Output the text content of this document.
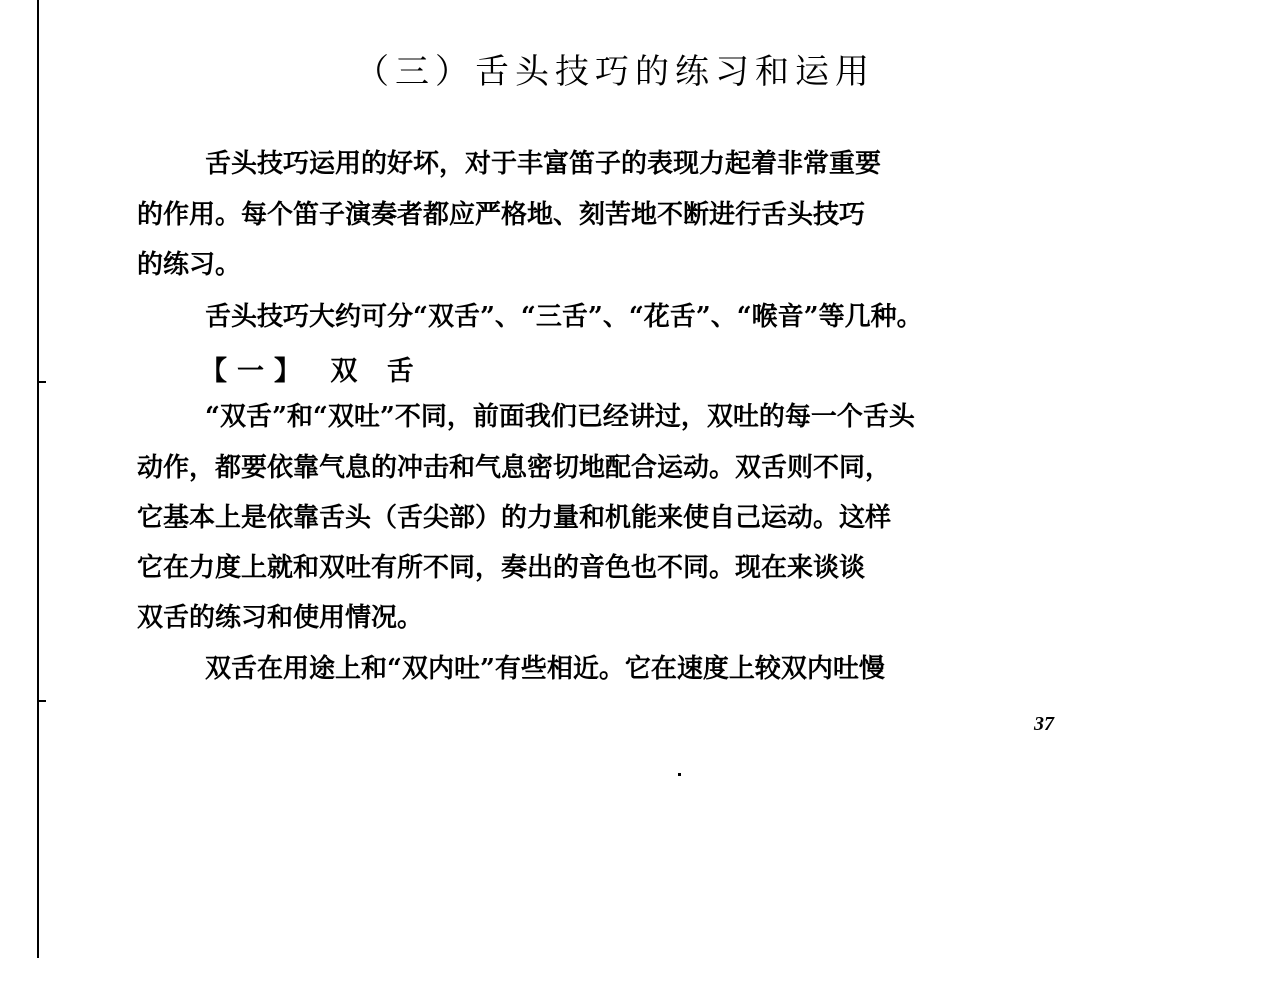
（三）舌头技巧的练习和运用
舌头技巧运用的好坏，对于丰富笛子的表现力起着非常重要
的作用。每个笛子演奏者都应严格地、刻苦地不断进行舌头技巧
的练习。
舌头技巧大约可分“双舌”、“三舌”、“花舌”、“喉音”等几种。
【一】 双 舌
“双舌”和“双吐”不同，前面我们已经讲过，双吐的每一个舌头
动作，都要依靠气息的冲击和气息密切地配合运动。双舌则不同，
它基本上是依靠舌头（舌尖部）的力量和机能来使自己运动。这样
它在力度上就和双吐有所不同，奏出的音色也不同。现在来谈谈
双舌的练习和使用情况。
双舌在用途上和“双内吐”有些相近。它在速度上较双内吐慢
37
